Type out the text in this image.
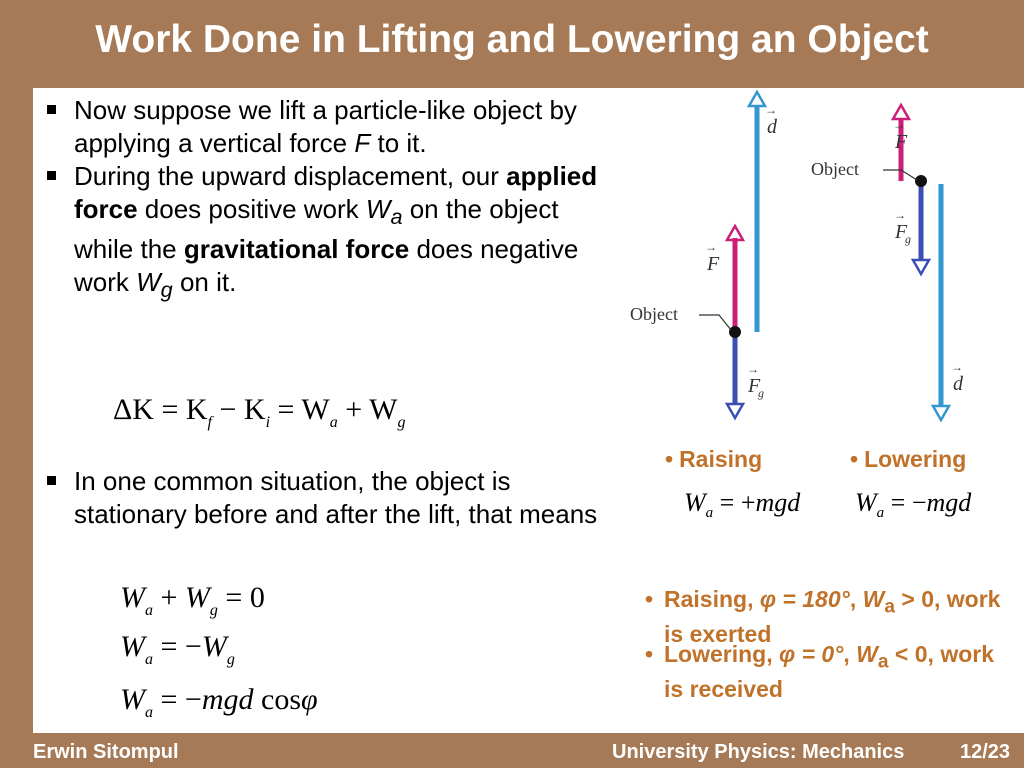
Work Done in Lifting and Lowering an Object
Now suppose we lift a particle-like object by applying a vertical force F to it.
During the upward displacement, our applied force does positive work $W_a$ on the object while the gravitational force does negative work $W_g$ on it.
$\Delta K = K_f - K_i = W_a + W_g$
In one common situation, the object is stationary before and after the lift, that means
$W_a + W_g = 0$
$W_a = -W_g$
$W_a = -mgd$ cosφ
d
→
F
→
F
g
→
Object
F
→
F
g
→
Object
d
→
• Raising	• Lowering
$W_a = +mgd$ $W_a = -mgd$
• Raising, φ = 180°, $W_a > 0$, work is exerted
• Lowering, φ = 0°, $W_a < 0$, work is received
Erwin Sitompul	University Physics: Mechanics	12/23
